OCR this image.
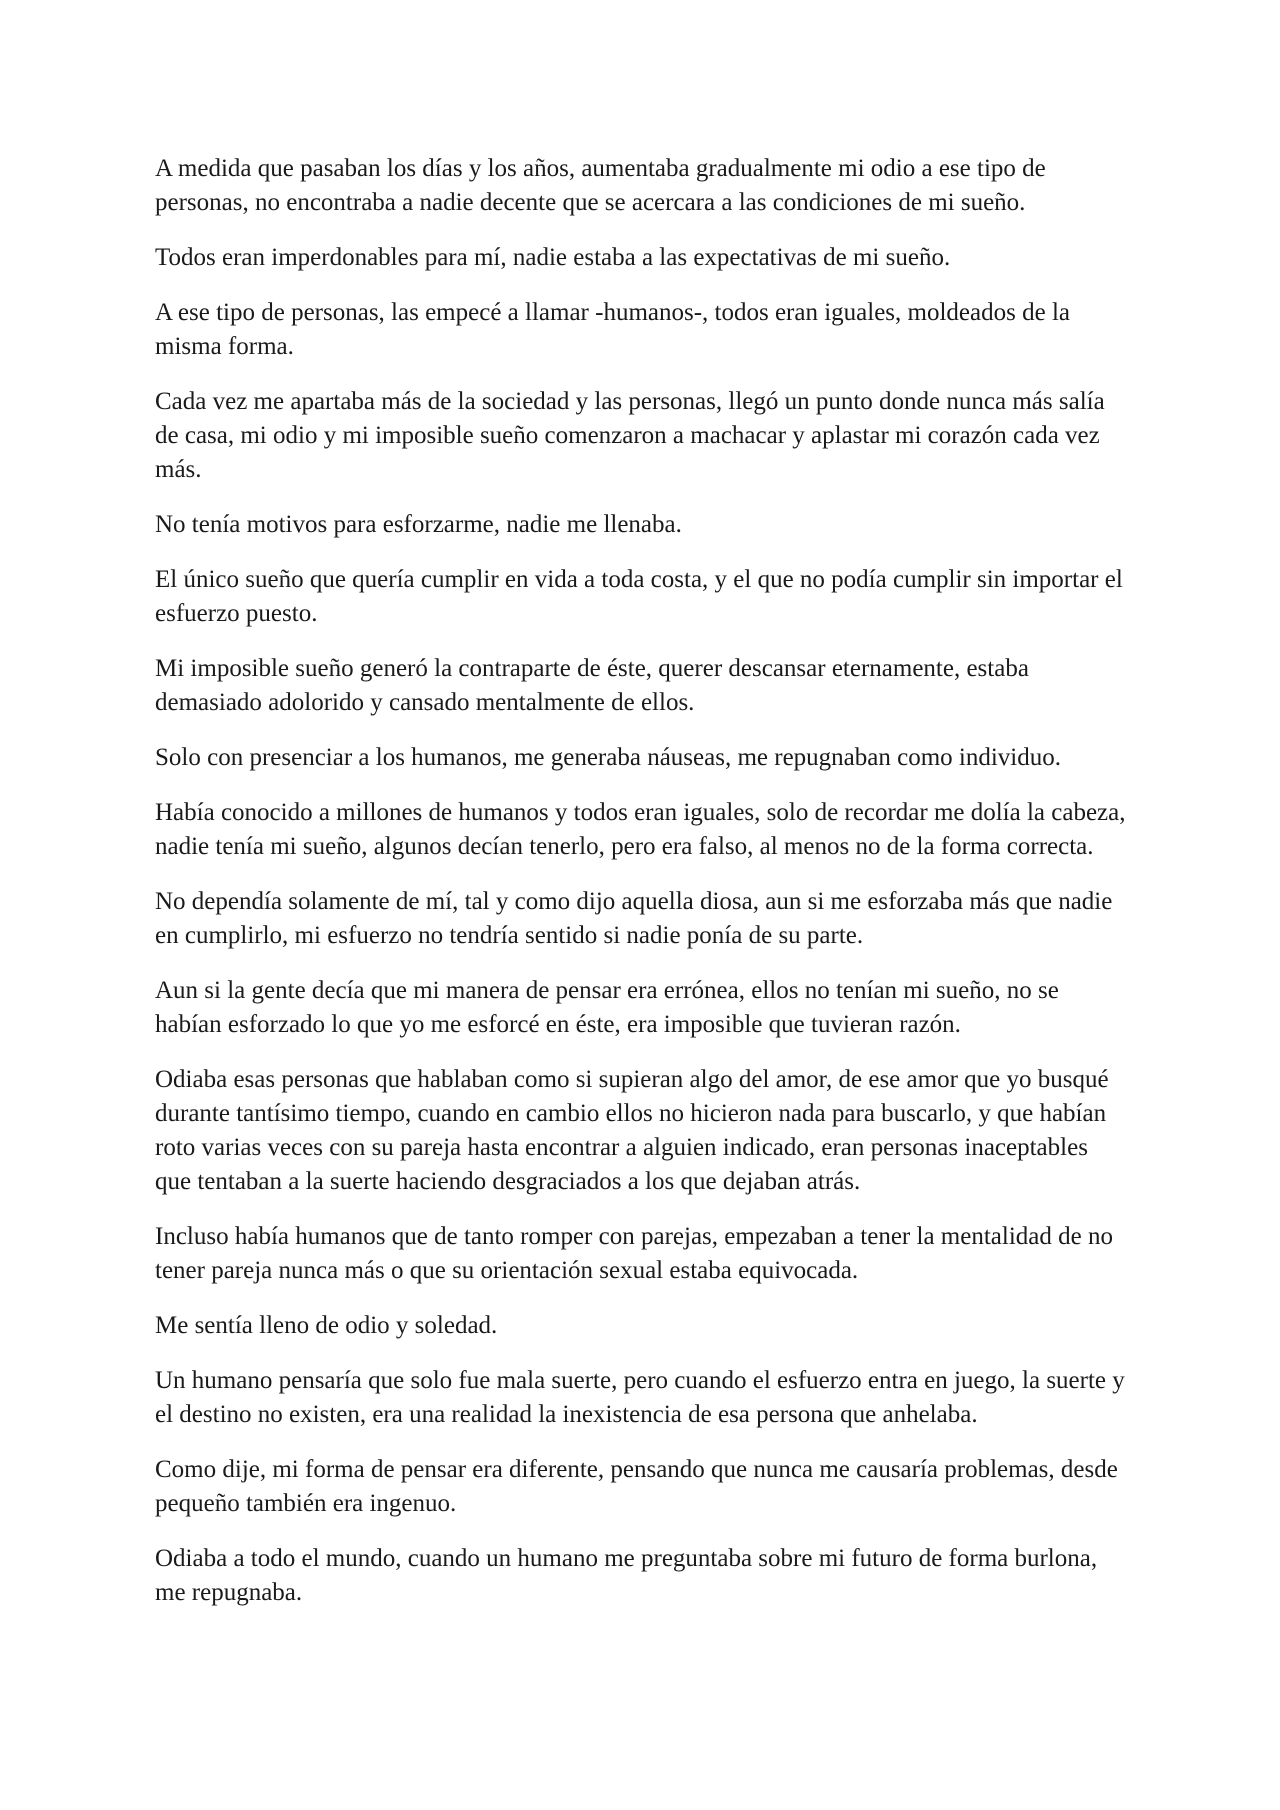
A medida que pasaban los días y los años, aumentaba gradualmente mi odio a ese tipo de personas, no encontraba a nadie decente que se acercara a las condiciones de mi sueño.

Todos eran imperdonables para mí, nadie estaba a las expectativas de mi sueño.

A ese tipo de personas, las empecé a llamar -humanos-, todos eran iguales, moldeados de la misma forma.

Cada vez me apartaba más de la sociedad y las personas, llegó un punto donde nunca más salía de casa, mi odio y mi imposible sueño comenzaron a machacar y aplastar mi corazón cada vez más.

No tenía motivos para esforzarme, nadie me llenaba.

El único sueño que quería cumplir en vida a toda costa, y el que no podía cumplir sin importar el esfuerzo puesto.

Mi imposible sueño generó la contraparte de éste, querer descansar eternamente, estaba demasiado adolorido y cansado mentalmente de ellos.

Solo con presenciar a los humanos, me generaba náuseas, me repugnaban como individuo.

Había conocido a millones de humanos y todos eran iguales, solo de recordar me dolía la cabeza, nadie tenía mi sueño, algunos decían tenerlo, pero era falso, al menos no de la forma correcta.

No dependía solamente de mí, tal y como dijo aquella diosa, aun si me esforzaba más que nadie en cumplirlo, mi esfuerzo no tendría sentido si nadie ponía de su parte.

Aun si la gente decía que mi manera de pensar era errónea, ellos no tenían mi sueño, no se habían esforzado lo que yo me esforcé en éste, era imposible que tuvieran razón.

Odiaba esas personas que hablaban como si supieran algo del amor, de ese amor que yo busqué durante tantísimo tiempo, cuando en cambio ellos no hicieron nada para buscarlo, y que habían roto varias veces con su pareja hasta encontrar a alguien indicado, eran personas inaceptables que tentaban a la suerte haciendo desgraciados a los que dejaban atrás.

Incluso había humanos que de tanto romper con parejas, empezaban a tener la mentalidad de no tener pareja nunca más o que su orientación sexual estaba equivocada.

Me sentía lleno de odio y soledad.

Un humano pensaría que solo fue mala suerte, pero cuando el esfuerzo entra en juego, la suerte y el destino no existen, era una realidad la inexistencia de esa persona que anhelaba.

Como dije, mi forma de pensar era diferente, pensando que nunca me causaría problemas, desde pequeño también era ingenuo.

Odiaba a todo el mundo, cuando un humano me preguntaba sobre mi futuro de forma burlona, me repugnaba.
